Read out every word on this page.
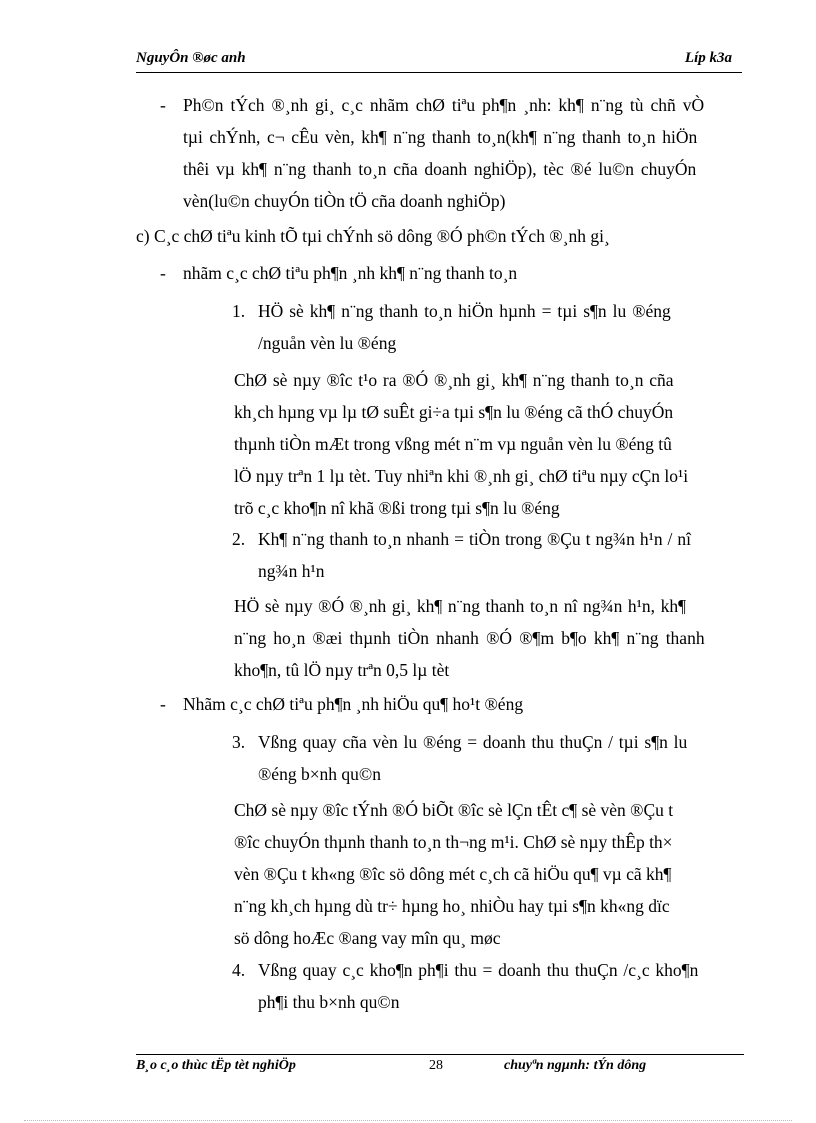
NguyÔn ®øc anh	Líp k3a
- Ph©n tÝch ®¸nh gi¸ c¸c nhãm chØ tiªu ph¶n ¸nh: kh¶ n¨ng tù chñ vÒ
tµi chÝnh, c¬ cÊu vèn, kh¶ n¨ng thanh to¸n(kh¶ n¨ng thanh to¸n hiÖn
thêi vµ kh¶ n¨ng thanh to¸n cña doanh nghiÖp), tèc ®é lu©n chuyÓn
vèn(lu©n chuyÓn tiÒn tÖ cña doanh nghiÖp)
c) C¸c chØ tiªu kinh tÕ tµi chÝnh sö dông ®Ó ph©n tÝch ®¸nh gi¸
- nhãm c¸c chØ tiªu ph¶n ¸nh kh¶ n¨ng thanh to¸n
1. HÖ sè kh¶ n¨ng thanh to¸n hiÖn hµnh = tµi s¶n lu ®éng
/nguån vèn lu ®éng
ChØ sè nµy ®îc t¹o ra ®Ó ®¸nh gi¸ kh¶ n¨ng thanh to¸n cña
kh¸ch hµng vµ lµ tØ suÊt gi÷a tµi s¶n lu ®éng cã thÓ chuyÓn
thµnh tiÒn mÆt trong vßng mét n¨m vµ nguån vèn lu ®éng tû
lÖ nµy trªn 1 lµ tèt. Tuy nhiªn khi ®¸nh gi¸ chØ tiªu nµy cÇn lo¹i
trõ c¸c kho¶n nî khã ®ßi trong tµi s¶n lu ®éng
2. Kh¶ n¨ng thanh to¸n nhanh = tiÒn trong ®Çu t ng¾n h¹n / nî
ng¾n h¹n
HÖ sè nµy ®Ó ®¸nh gi¸ kh¶ n¨ng thanh to¸n nî ng¾n h¹n, kh¶
n¨ng ho¸n ®æi thµnh tiÒn nhanh ®Ó ®¶m b¶o kh¶ n¨ng thanh
kho¶n, tû lÖ nµy trªn 0,5 lµ tèt
- Nhãm c¸c chØ tiªu ph¶n ¸nh hiÖu qu¶ ho¹t ®éng
3. Vßng quay cña vèn lu ®éng = doanh thu thuÇn / tµi s¶n lu
®éng b×nh qu©n
ChØ sè nµy ®îc tÝnh ®Ó biÕt ®îc sè lÇn tÊt c¶ sè vèn ®Çu t
®îc chuyÓn thµnh thanh to¸n th¬ng m¹i. ChØ sè nµy thÊp th×
vèn ®Çu t kh«ng ®îc sö dông mét c¸ch cã hiÖu qu¶ vµ cã kh¶
n¨ng kh¸ch hµng dù tr÷ hµng ho¸ nhiÒu hay tµi s¶n kh«ng dïc
sö dông hoÆc ®ang vay mîn qu¸ møc
4. Vßng quay c¸c kho¶n ph¶i thu = doanh thu thuÇn /c¸c kho¶n
ph¶i thu b×nh qu©n
B¸o c¸o thùc tËp tèt nghiÖp	28	chuyªn ngµnh: tÝn dông
